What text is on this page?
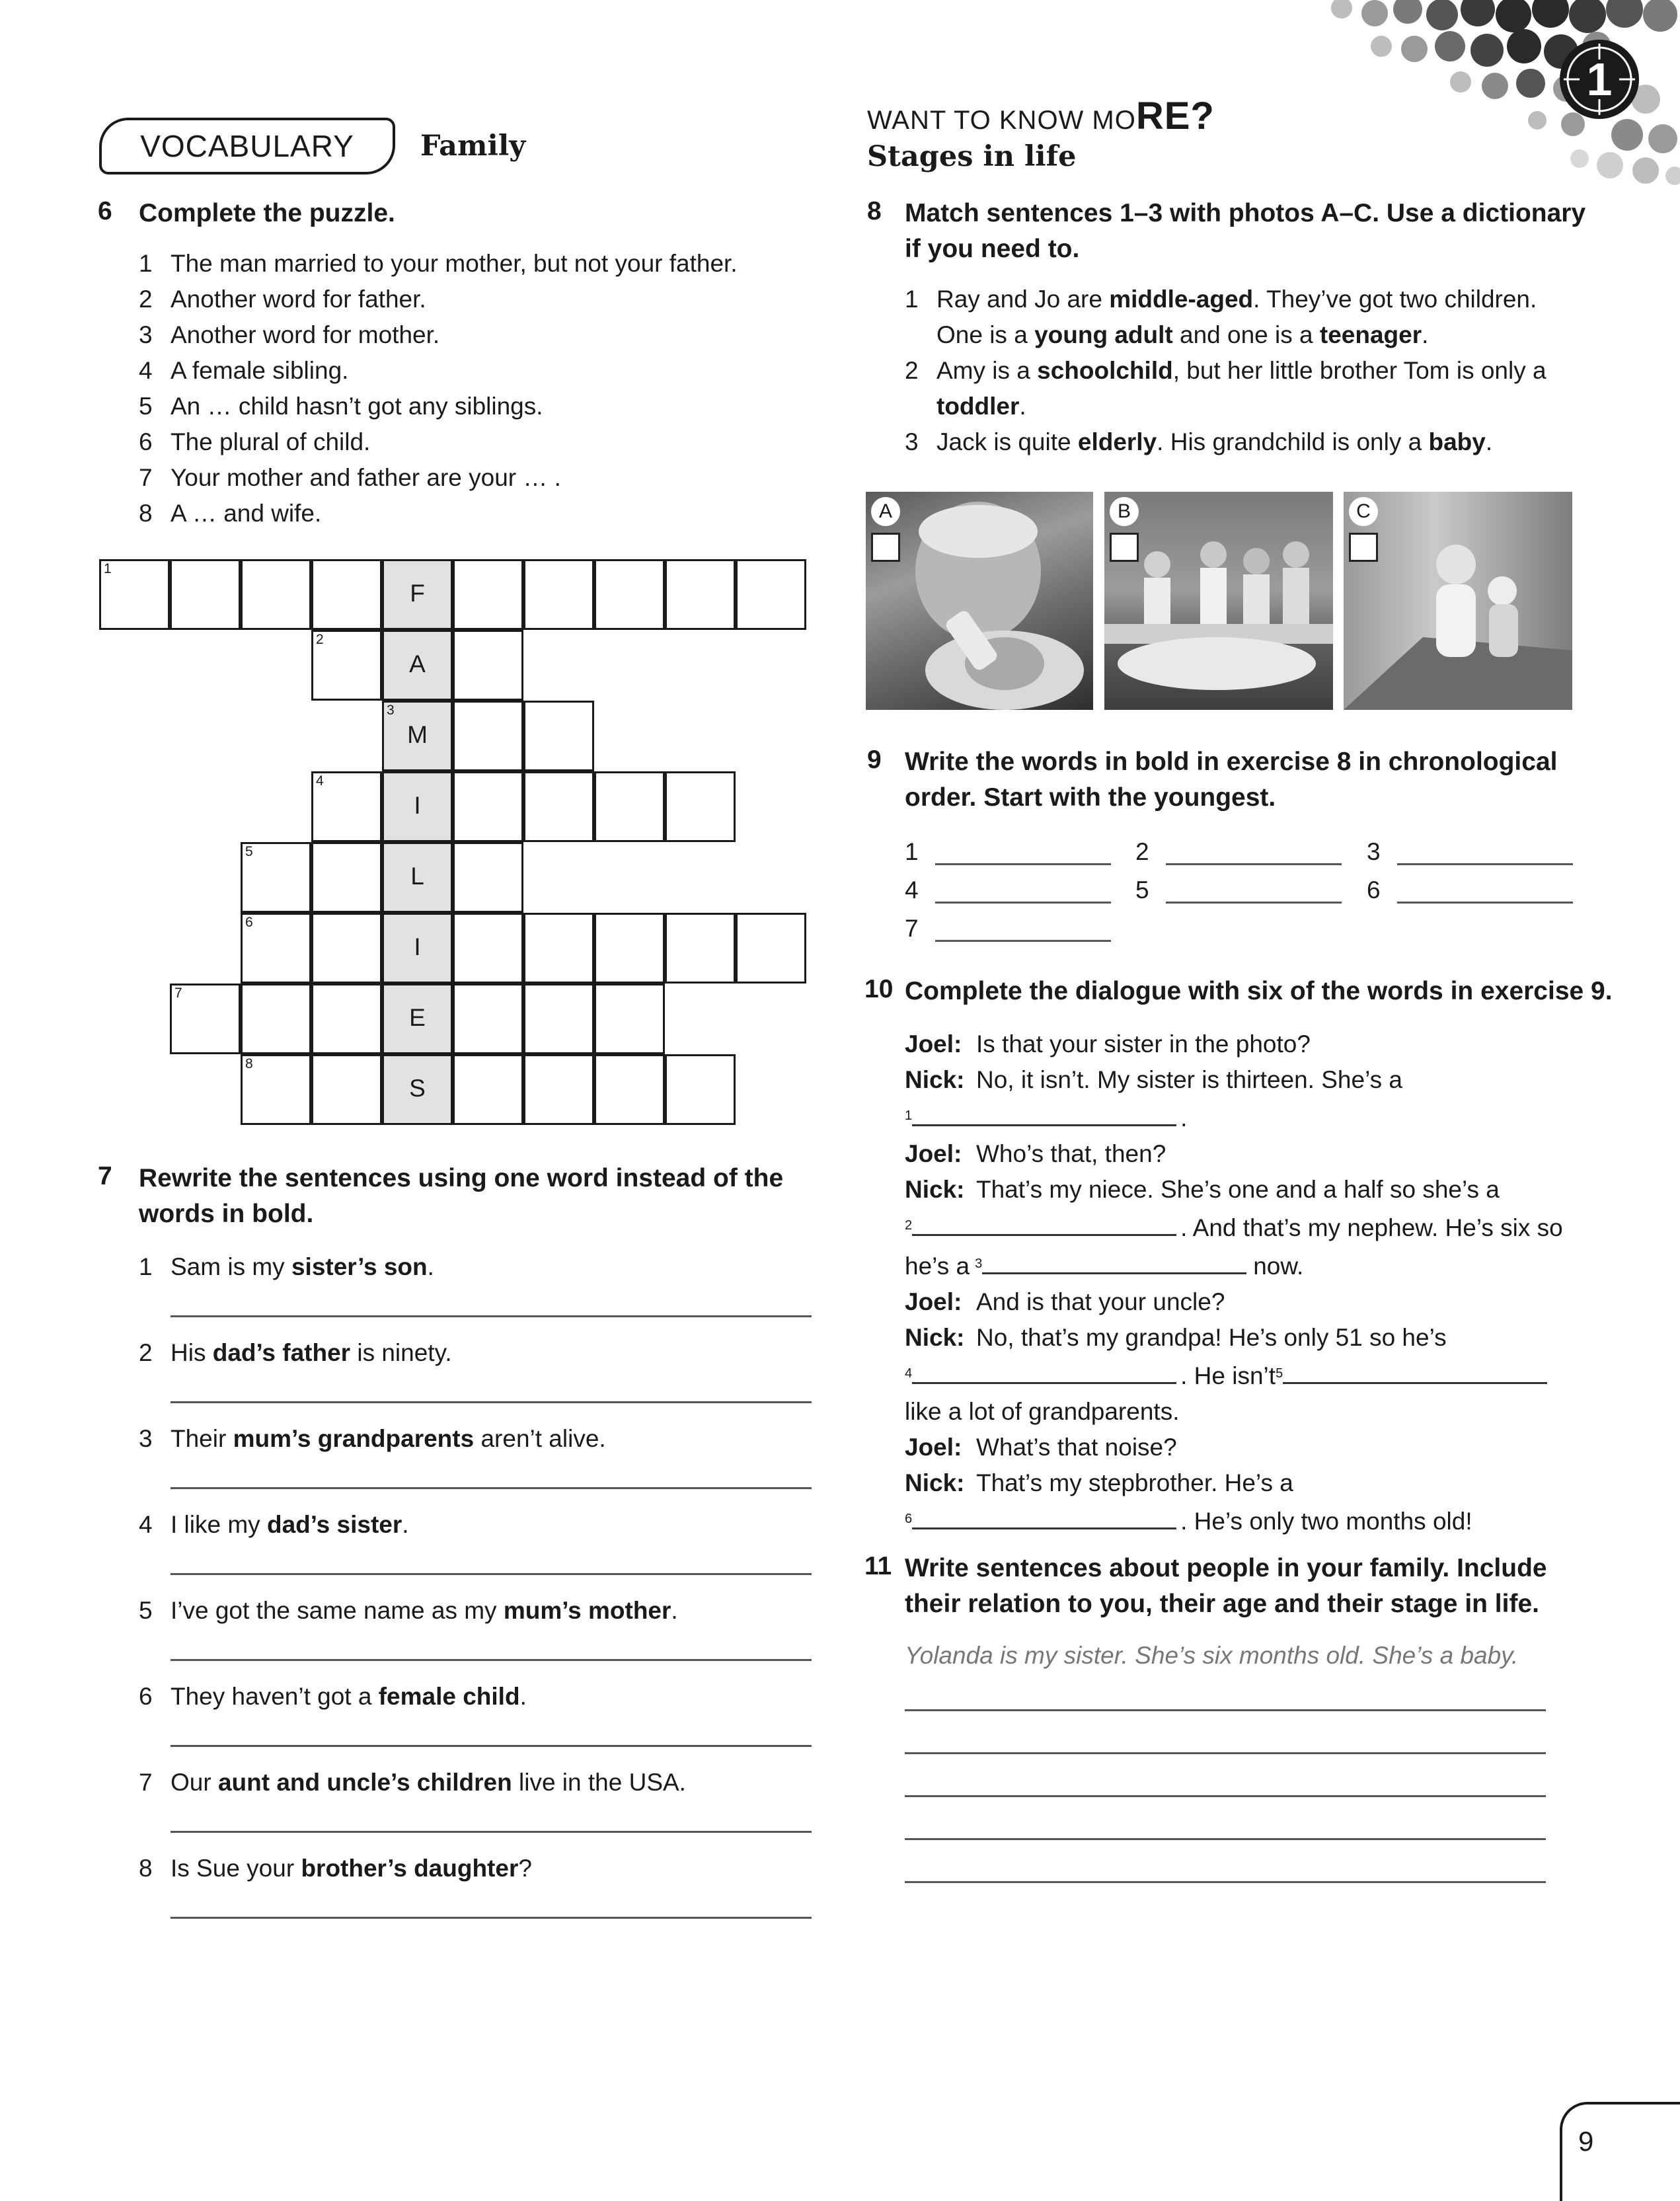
1
VOCABULARY Family
6 Complete the puzzle.
1 The man married to your mother, but not your father.
2 Another word for father.
3 Another word for mother.
4 A female sibling.
5 An … child hasn’t got any siblings.
6 The plural of child.
7 Your mother and father are your … .
8 A … and wife.
1
F
2
A
3
M
4
I
5
L
6
I
7
E
8
S
7 Rewrite the sentences using one word instead of the
words in bold.
1 Sam is my sister’s son.
2 His dad’s father is ninety.
3 Their mum’s grandparents aren’t alive.
4 I like my dad’s sister.
5 I’ve got the same name as my mum’s mother.
6 They haven’t got a female child.
7 Our aunt and uncle’s children live in the USA.
8 Is Sue your brother’s daughter?
WANT TO KNOW MORE?
Stages in life
8 Match sentences 1–3 with photos A–C. Use a dictionary
if you need to.
1 Ray and Jo are middle-aged. They’ve got two children.
One is a young adult and one is a teenager.
2 Amy is a schoolchild, but her little brother Tom is only a
toddler.
3 Jack is quite elderly. His grandchild is only a baby.
A	B	C
9 Write the words in bold in exercise 8 in chronological
order. Start with the youngest.
1	2	3
4	5	6
7
10 Complete the dialogue with six of the words in exercise 9.
Joel: Is that your sister in the photo?
Nick: No, it isn’t. My sister is thirteen. She’s a
$^1$	.
Joel: Who’s that, then?
Nick: That’s my niece. She’s one and a half so she’s a
$^2$	. And that’s my nephew. He’s six so
he’s a $^3$	now.
Joel: And is that your uncle?
Nick: No, that’s my grandpa! He’s only 51 so he’s
$^4$	. He $isn’t^5$
like a lot of grandparents.
Joel: What’s that noise?
Nick: That’s my stepbrother. He’s a
$^6$	. He’s only two months old!
11 Write sentences about people in your family. Include
their relation to you, their age and their stage in life.
Yolanda is my sister. She’s six months old. She’s a baby.
9
